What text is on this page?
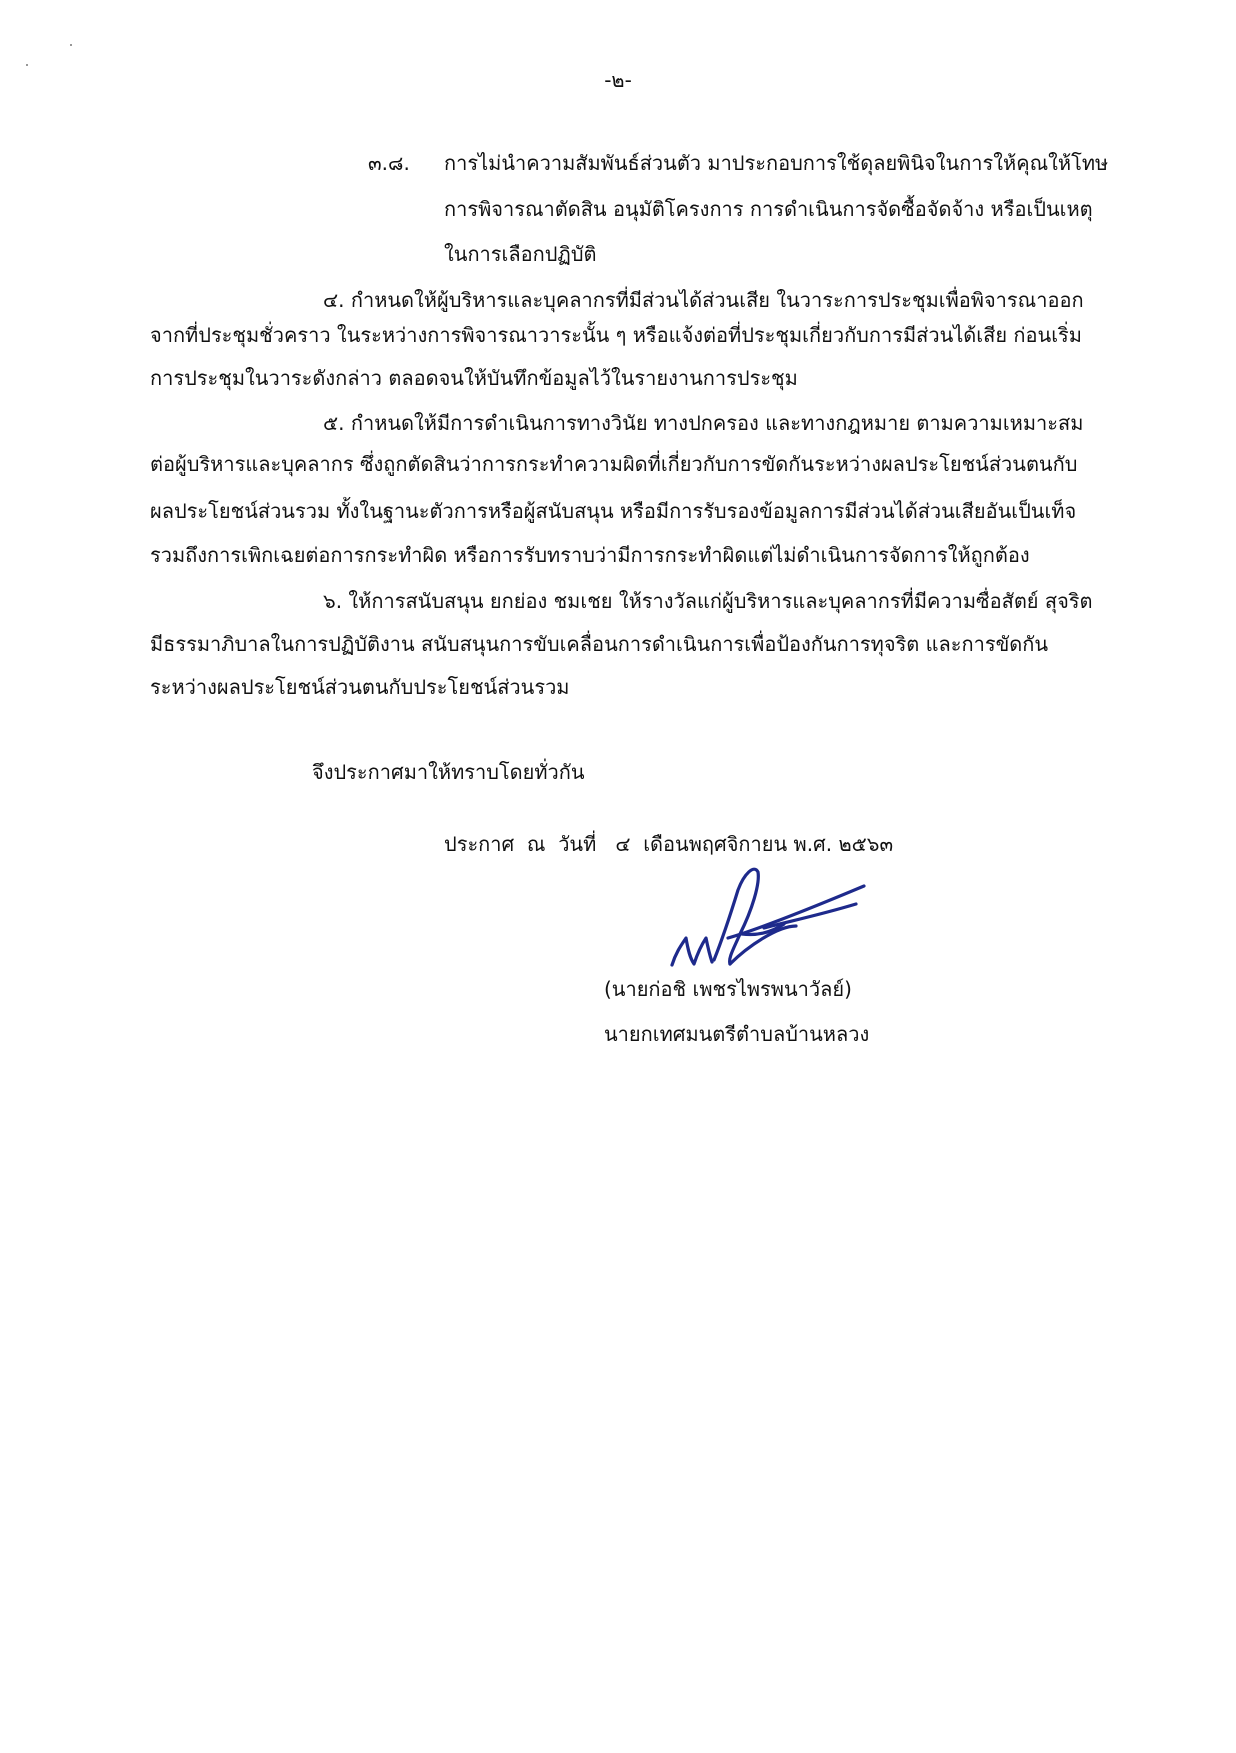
-๒-
๓.๘. การไม่นำความสัมพันธ์ส่วนตัว มาประกอบการใช้ดุลยพินิจในการให้คุณให้โทษ
การพิจารณาตัดสิน อนุมัติโครงการ การดำเนินการจัดซื้อจัดจ้าง หรือเป็นเหตุ
ในการเลือกปฏิบัติ
๔. กำหนดให้ผู้บริหารและบุคลากรที่มีส่วนได้ส่วนเสีย ในวาระการประชุมเพื่อพิจารณาออก
จากที่ประชุมชั่วคราว ในระหว่างการพิจารณาวาระนั้น ๆ หรือแจ้งต่อที่ประชุมเกี่ยวกับการมีส่วนได้เสีย ก่อนเริ่ม
การประชุมในวาระดังกล่าว ตลอดจนให้บันทึกข้อมูลไว้ในรายงานการประชุม
๕. กำหนดให้มีการดำเนินการทางวินัย ทางปกครอง และทางกฎหมาย ตามความเหมาะสม
ต่อผู้บริหารและบุคลากร ซึ่งถูกตัดสินว่าการกระทำความผิดที่เกี่ยวกับการขัดกันระหว่างผลประโยชน์ส่วนตนกับ
ผลประโยชน์ส่วนรวม ทั้งในฐานะตัวการหรือผู้สนับสนุน หรือมีการรับรองข้อมูลการมีส่วนได้ส่วนเสียอันเป็นเท็จ
รวมถึงการเพิกเฉยต่อการกระทำผิด หรือการรับทราบว่ามีการกระทำผิดแต่ไม่ดำเนินการจัดการให้ถูกต้อง
๖. ให้การสนับสนุน ยกย่อง ชมเชย ให้รางวัลแก่ผู้บริหารและบุคลากรที่มีความซื่อสัตย์ สุจริต
มีธรรมาภิบาลในการปฏิบัติงาน สนับสนุนการขับเคลื่อนการดำเนินการเพื่อป้องกันการทุจริต และการขัดกัน
ระหว่างผลประโยชน์ส่วนตนกับประโยชน์ส่วนรวม
จึงประกาศมาให้ทราบโดยทั่วกัน
ประกาศ  ณ  วันที่   ๔  เดือนพฤศจิกายน พ.ศ. ๒๕๖๓
(นายก่อชิ เพชรไพรพนาวัลย์)
นายกเทศมนตรีตำบลบ้านหลวง
